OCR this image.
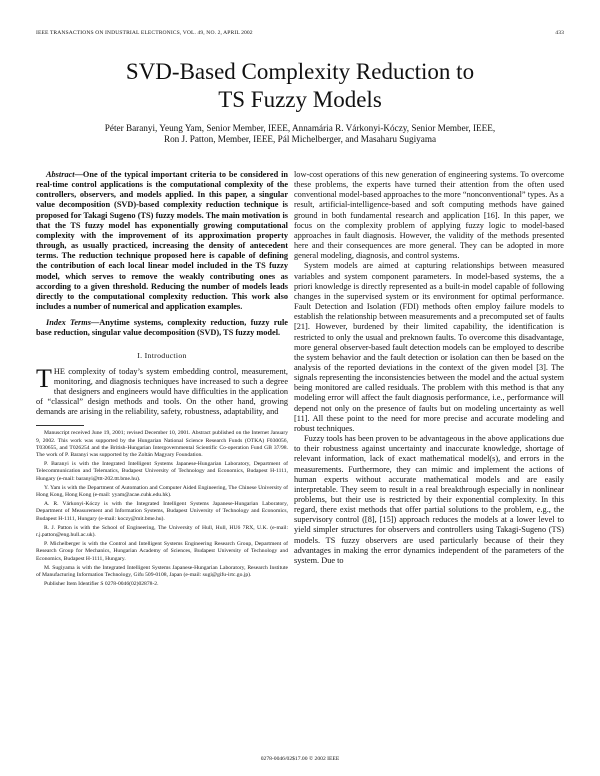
IEEE TRANSACTIONS ON INDUSTRIAL ELECTRONICS, VOL. 49, NO. 2, APRIL 2002	433
SVD-Based Complexity Reduction to
TS Fuzzy Models
Péter Baranyi, Yeung Yam, Senior Member, IEEE, Annamária R. Várkonyi-Kóczy, Senior Member, IEEE,
Ron J. Patton, Member, IEEE, Pál Michelberger, and Masaharu Sugiyama

Abstract—One of the typical important criteria to be considered in real-time control applications is the computational complexity of the controllers, observers, and models applied. In this paper, a singular value decomposition (SVD)-based complexity reduction technique is proposed for Takagi Sugeno (TS) fuzzy models. The main motivation is that the TS fuzzy model has exponentially growing computational complexity with the improvement of its approximation property through, as usually practiced, increasing the density of antecedent terms. The reduction technique proposed here is capable of defining the contribution of each local linear model included in the TS fuzzy model, which serves to remove the weakly contributing ones as according to a given threshold. Reducing the number of models leads directly to the computational complexity reduction. This work also includes a number of numerical and application examples.

Index Terms—Anytime systems, complexity reduction, fuzzy rule base reduction, singular value decomposition (SVD), TS fuzzy model.

I. Introduction

THE complexity of today’s system embedding control, measurement, monitoring, and diagnosis techniques have increased to such a degree that designers and engineers would have difficulties in the application of “classical” design methods and tools. On the other hand, growing demands are arising in the reliability, safety, robustness, adaptability, and

Manuscript received June 19, 2001; revised December 10, 2001. Abstract published on the Internet January 9, 2002. This work was supported by the Hungarian National Science Research Funds (OTKA) F030056, T030655, and T026254 and the British-Hungarian Intergovernmental Scientific Co-operation Fund GB 37/98. The work of P. Baranyi was supported by the Zoltán Magyary Foundation.

P. Baranyi is with the Integrated Intelligent Systems Japanese-Hungarian Laboratory, Department of Telecommunication and Telematics, Budapest University of Technology and Economics, Budapest H-1111, Hungary (e-mail: baranyi@ttt-202.ttt.bme.hu).

Y. Yam is with the Department of Automation and Computer Aided Engineering, The Chinese University of Hong Kong, Hong Kong (e-mail: yyam@acae.cuhk.edu.hk).

A. R. Várkonyi-Kóczy is with the Integrated Intelligent Systems Japanese-Hungarian Laboratory, Department of Measurement and Information Systems, Budapest University of Technology and Economics, Budapest H-1111, Hungary (e-mail: koczy@mit.bme.hu).

R. J. Patton is with the School of Engineering, The University of Hull, Hull, HU6 7RX, U.K. (e-mail: r.j.patton@eng.hull.ac.uk).

P. Michelberger is with the Control and Intelligent Systems Engineering Research Group, Department of Research Group for Mechanics, Hungarian Academy of Sciences, Budapest University of Technology and Economics, Budapest H-1111, Hungary.

M. Sugiyama is with the Integrated Intelligent Systems Japanese-Hungarian Laboratory, Research Institute of Manufacturing Information Technology, Gifu 509-0108, Japan (e-mail: sugi@gifu-irtc.go.jp).

Publisher Item Identifier S 0278-0046(02)02878-2.

low-cost operations of this new generation of engineering systems. To overcome these problems, the experts have turned their attention from the often used conventional model-based approaches to the more “nonconventional” types. As a result, artificial-intelligence-based and soft computing methods have gained ground in both fundamental research and application [16]. In this paper, we focus on the complexity problem of applying fuzzy logic to model-based approaches in fault diagnosis. However, the validity of the methods presented here and their consequences are more general. They can be adopted in more general modeling, diagnosis, and control systems.

System models are aimed at capturing relationships between measured variables and system component parameters. In model-based systems, the a priori knowledge is directly represented as a built-in model capable of following changes in the supervised system or its environment for optimal performance. Fault Detection and Isolation (FDI) methods often employ failure models to establish the relationship between measurements and a precomputed set of faults [21]. However, burdened by their limited capability, the identification is restricted to only the usual and preknown faults. To overcome this disadvantage, more general observer-based fault detection models can be employed to describe the system behavior and the fault detection or isolation can then be based on the analysis of the reported deviations in the context of the given model [3]. The signals representing the inconsistencies between the model and the actual system being monitored are called residuals. The problem with this method is that any modeling error will affect the fault diagnosis performance, i.e., performance will depend not only on the presence of faults but on modeling uncertainty as well [11]. All these point to the need for more precise and accurate modeling and robust techniques.

Fuzzy tools has been proven to be advantageous in the above applications due to their robustness against uncertainty and inaccurate knowledge, shortage of relevant information, lack of exact mathematical model(s), and errors in the measurements. Furthermore, they can mimic and implement the actions of human experts without accurate mathematical models and are easily interpretable. They seem to result in a real breakthrough especially in nonlinear problems, but their use is restricted by their exponential complexity. In this regard, there exist methods that offer partial solutions to the problem, e.g., the supervisory control ([8], [15]) approach reduces the models at a lower level to yield simpler structures for observers and controllers using Takagi-Sugeno (TS) models. TS fuzzy observers are used particularly because of their they advantages in making the error dynamics independent of the parameters of the system. Due to

0278-0046/02$17.00 © 2002 IEEE
